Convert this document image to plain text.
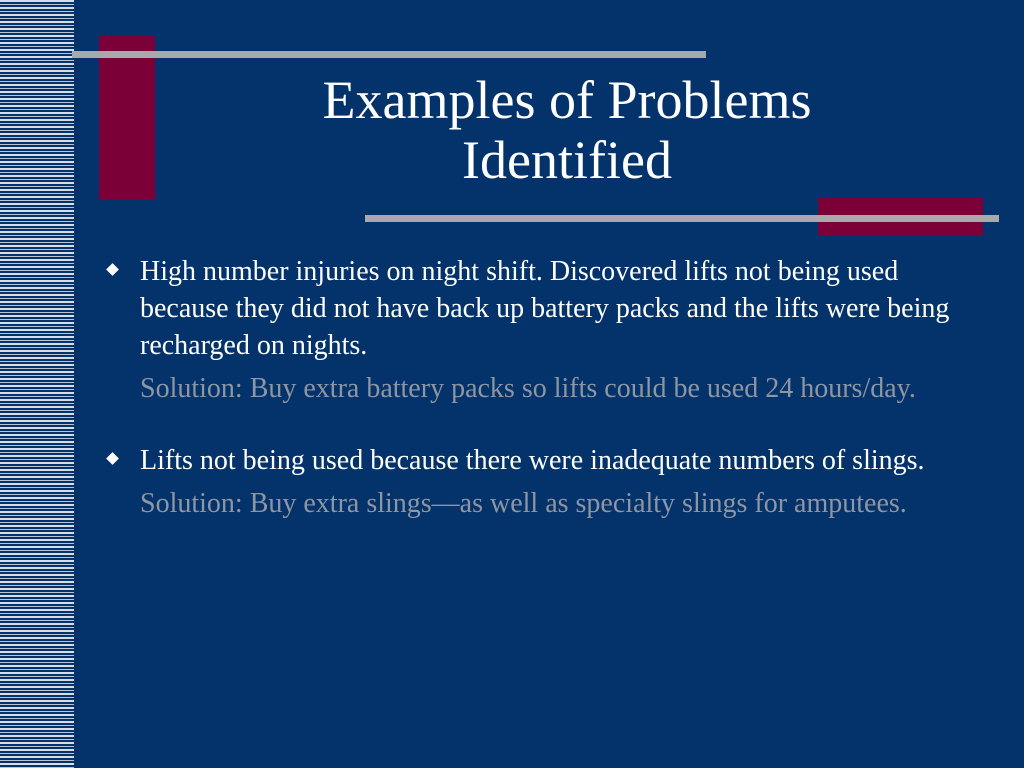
Examples of Problems
Identified
High number injuries on night shift. Discovered lifts not being used because they did not have back up battery packs and the lifts were being recharged on nights.
Solution: Buy extra battery packs so lifts could be used 24 hours/day.
Lifts not being used because there were inadequate numbers of slings.
Solution: Buy extra slings—as well as specialty slings for amputees.
